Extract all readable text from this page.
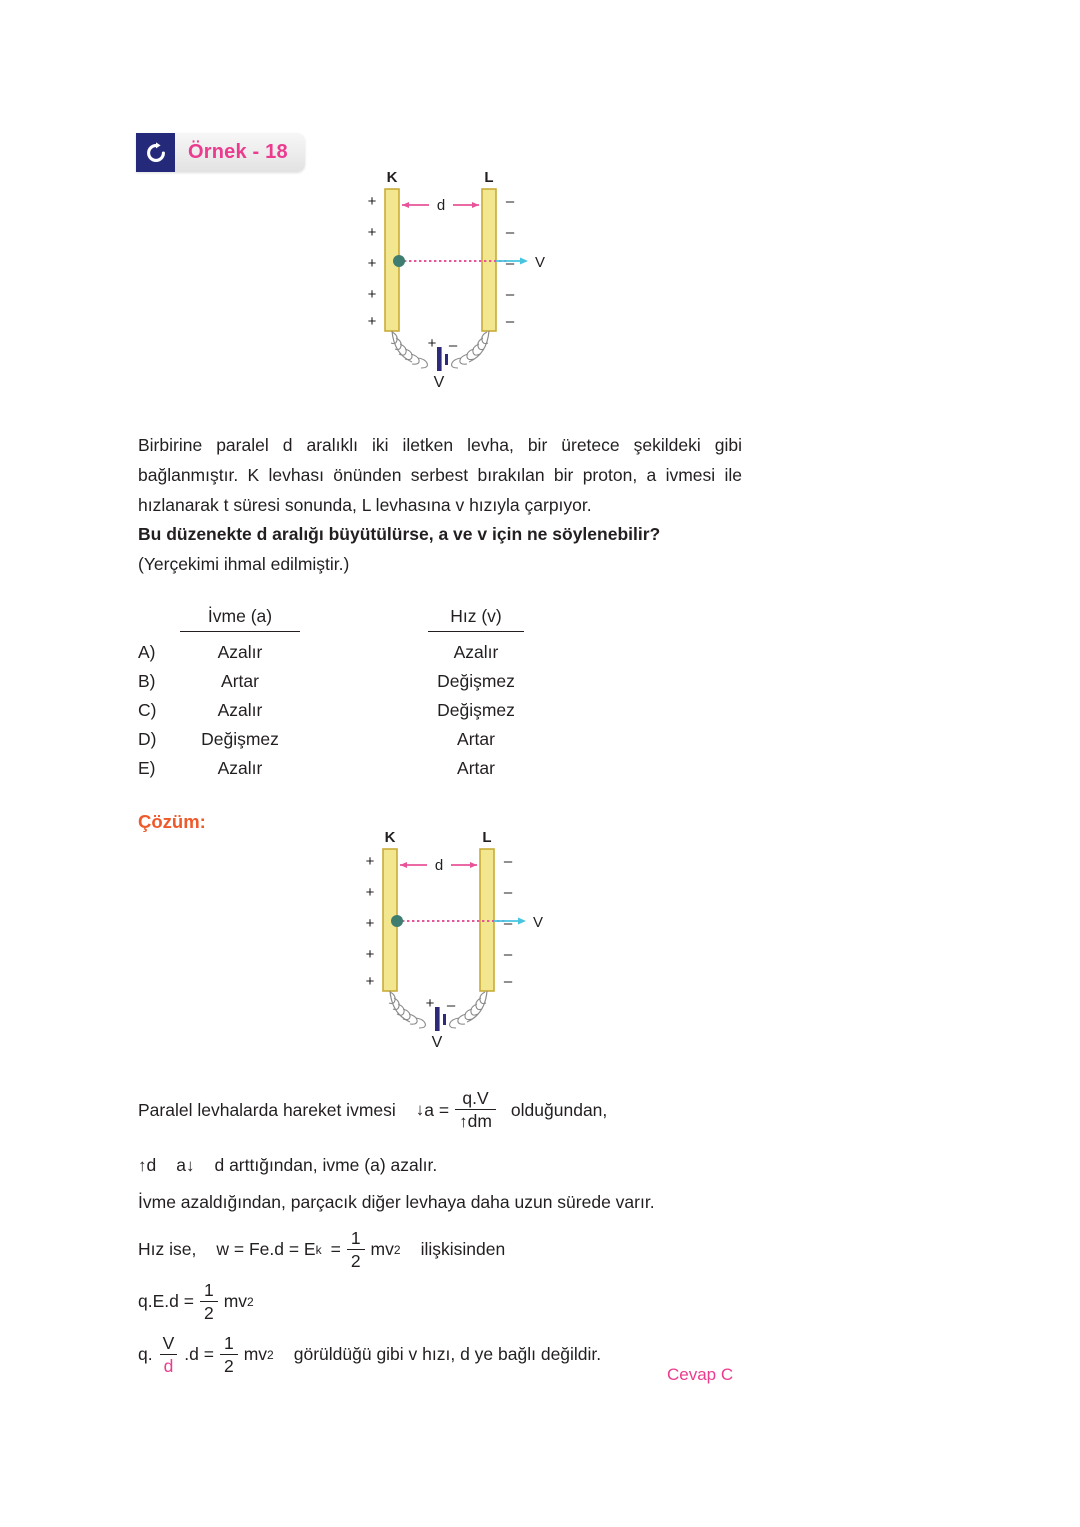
Örnek - 18
K	L
+
+
+
+
+
–
–
–
–
–
d
V
+ –
V
Birbirine paralel d aralıklı iki iletken levha, bir üretece şekildeki gibi bağlanmıştır. K levhası önünden serbest bırakılan bir proton, a ivmesi ile hızlanarak t süresi sonunda, L levhasına v hızıyla çarpıyor.
Bu düzenekte d aralığı büyütülürse, a ve v için ne söylenebilir?
(Yerçekimi ihmal edilmiştir.)
İvme (a)	Hız (v)
A)	Azalır	Azalır
B)	Artar	Değişmez
C)	Azalır	Değişmez
D)	Değişmez	Artar
E)	Azalır	Artar
Çözüm:
K	L
+
+
+
+
+
–
–
–
–
–
d
V
+ –
V
Paralel levhalarda hareket ivmesi ↓ $a = \frac{q.V}{↑dm}$ olduğundan,
↑ d a ↓ d arttığından, ivme (a) azalır.
İvme azaldığından, parçacık diğer levhaya daha uzun sürede varır.
Hız ise, w = Fe.d = E $k = \frac{1}{2}$ mv 2 ilişkisinden
$q.E.d = \frac{1}{2}$ mv 2
q. $\frac{V}{d} .d = \frac{1}{2}$ mv 2 görüldüğü gibi v hızı, d ye bağlı değildir.
Cevap C
